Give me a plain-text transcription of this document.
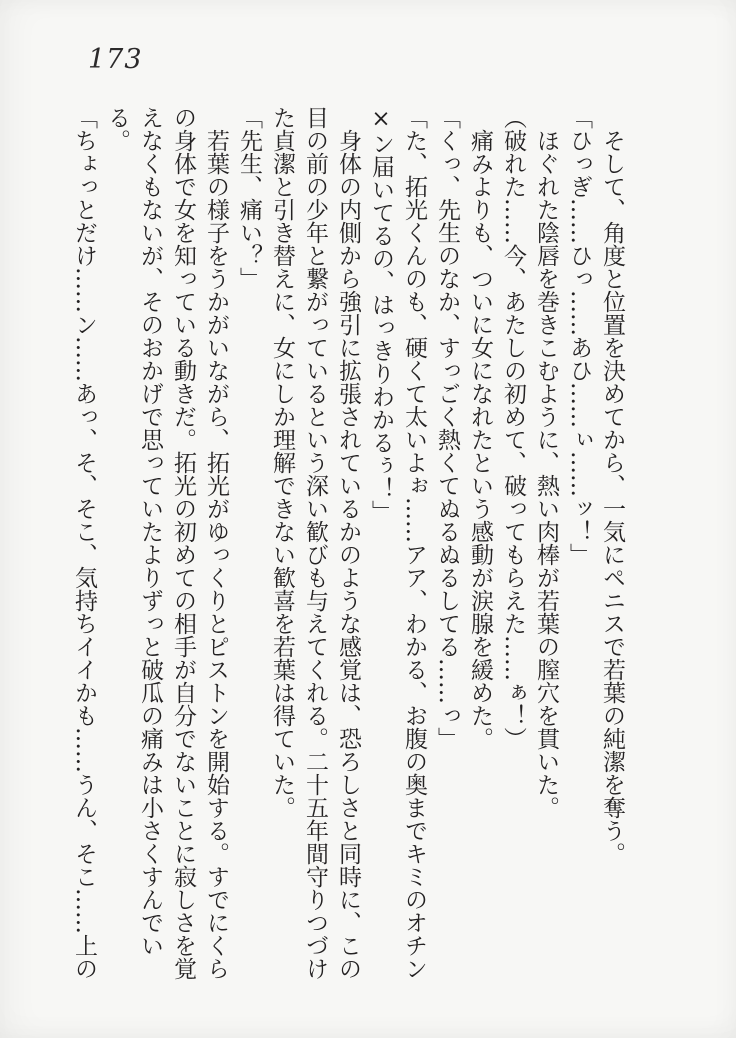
173

そして、角度と位置を決めてから、一気にペニスで若葉の純潔を奪う。

「ひっぎ……ひっ……あひ……ぃ……ッ！」

ほぐれた陰唇を巻きこむように、熱い肉棒が若葉の膣穴を貫いた。

（破れた……今、あたしの初めて、破ってもらえた……ぁ！）

痛みよりも、ついに女になれたという感動が涙腺を緩めた。

「くっ、先生のなか、すっごく熱くてぬるぬるしてる……っ」

「た、拓光くんのも、硬くて太いよぉ……アア、わかる、お腹の奥までキミのオチン×ン届いてるの、はっきりわかるぅ！」

身体の内側から強引に拡張されているかのような感覚は、恐ろしさと同時に、この目の前の少年と繋がっているという深い歓びも与えてくれる。二十五年間守りつづけた貞潔と引き替えに、女にしか理解できない歓喜を若葉は得ていた。

「先生、痛い？」

若葉の様子をうかがいながら、拓光がゆっくりとピストンを開始する。すでにくらの身体で女を知っている動きだ。拓光の初めての相手が自分でないことに寂しさを覚えなくもないが、そのおかげで思っていたよりずっと破瓜の痛みは小さくすんでいる。

「ちょっとだけ……ン……あっ、そ、そこ、気持ちイイかも……うん、そこ……上の
